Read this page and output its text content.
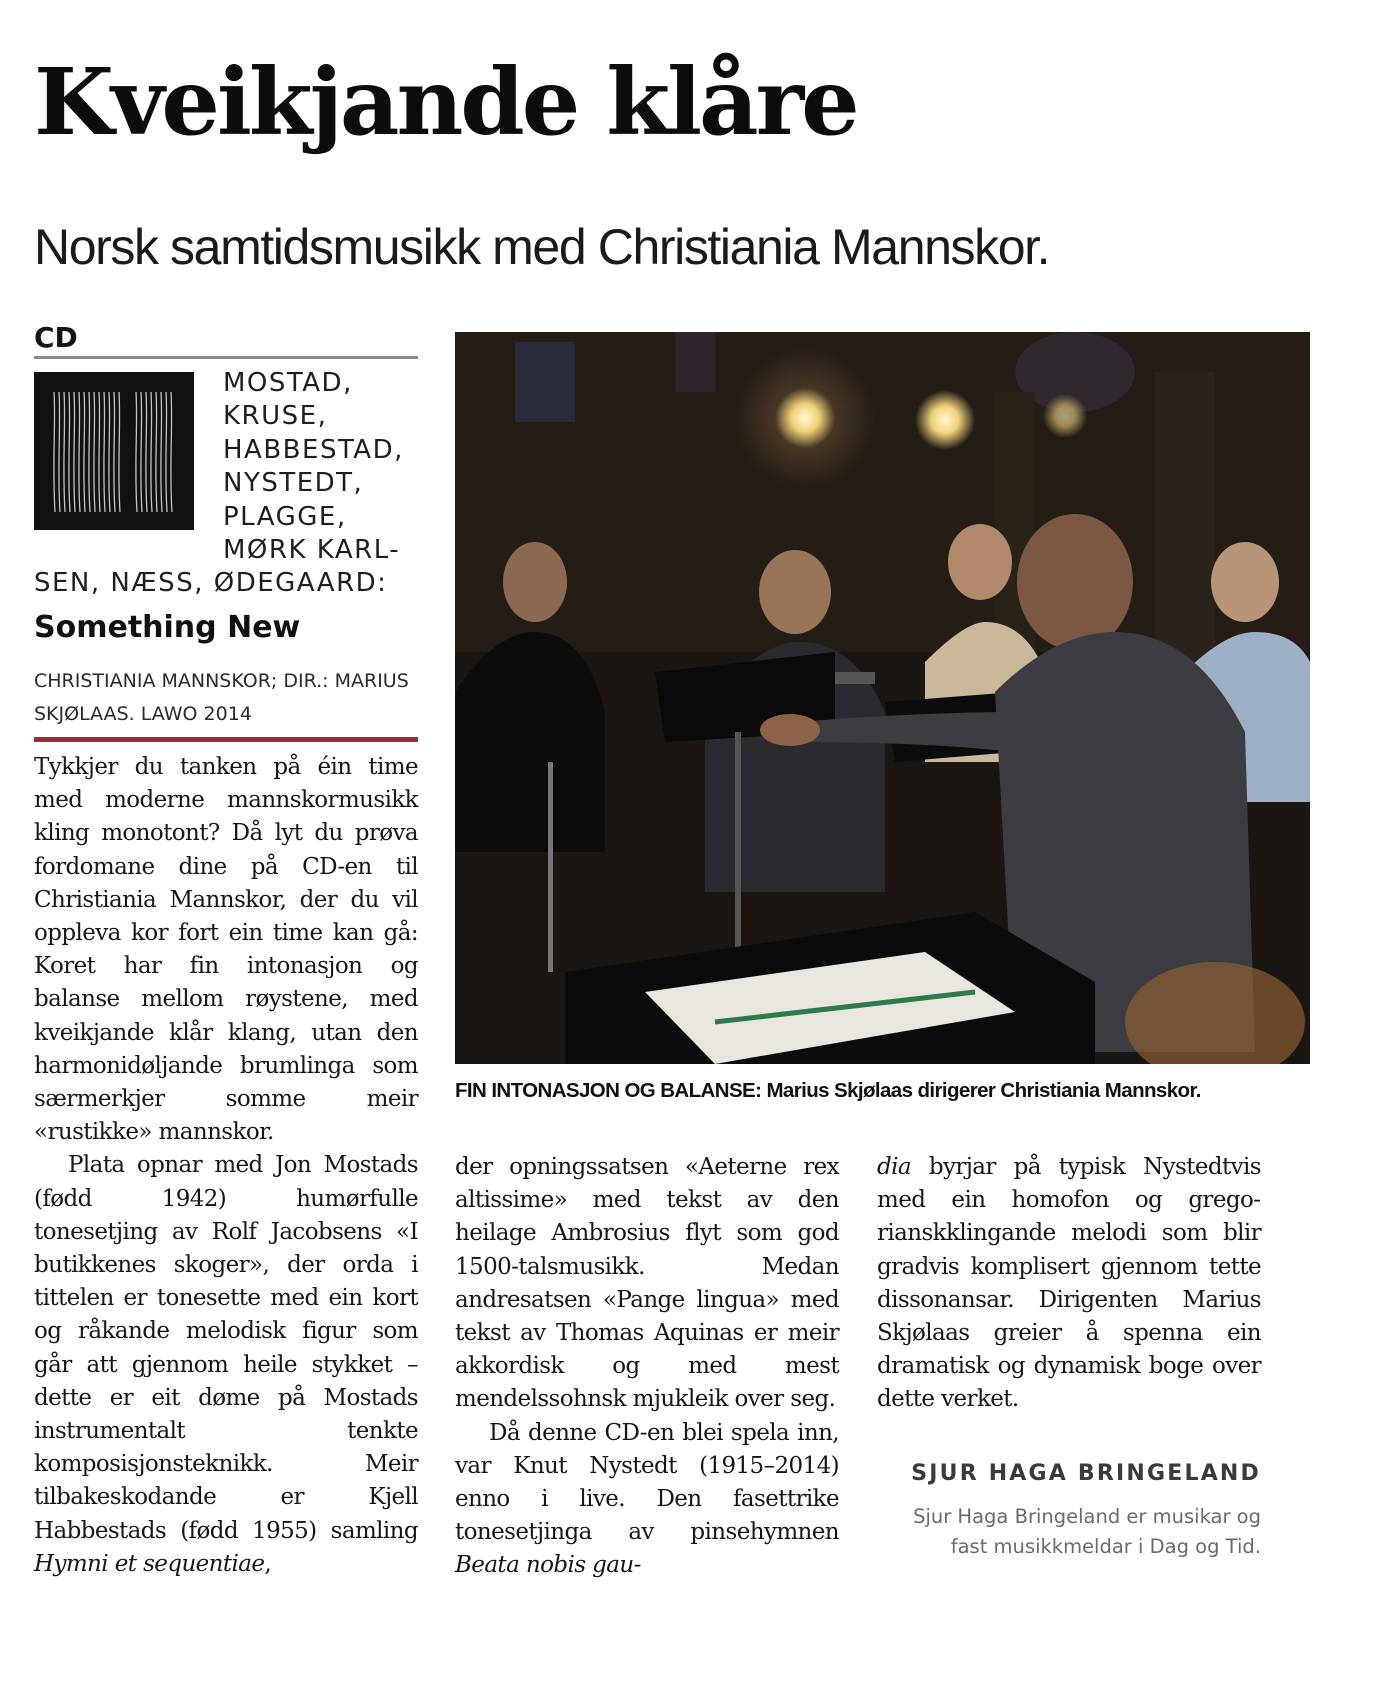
Kveikjande klåre
Norsk samtidsmusikk med Christiania Mannskor.
CD
MOSTAD, KRUSE, HABBESTAD, NYSTEDT, PLAGGE, MØRK KARL-SEN, NÆSS, ØDEGAARD:
Something New
CHRISTIANIA MANNSKOR; DIR.: MARIUS SKJØLAAS. LAWO 2014
FIN INTONASJON OG BALANSE: Marius Skjølaas dirigerer Christiania Mannskor.

Tykkjer du tanken på éin time med moderne mannskormusikk kling monotont? Då lyt du prøva fordomane dine på CD-en til Christiania Mannskor, der du vil oppleva kor fort ein time kan gå: Koret har fin intonasjon og balanse mellom røystene, med kveikjande klår klang, utan den harmonidøljande brumlinga som særmerkjer somme meir «rustikke» mannskor.

Plata opnar med Jon Mostads (fødd 1942) humørfulle tonesetjing av Rolf Jacobsens «I butikkenes skoger», der orda i tittelen er tonesette med ein kort og råkande melodisk figur som går att gjennom heile stykket – dette er eit døme på Mostads instrumentalt tenkte komposisjonsteknikk. Meir tilbakeskodande er Kjell Habbestads (fødd 1955) samling Hymni et sequentiae,

der opningssatsen «Aeterne rex altissime» med tekst av den heilage Ambrosius flyt som god 1500-talsmusikk. Medan andresatsen «Pange lingua» med tekst av Thomas Aquinas er meir akkordisk og med mest mendelssohnsk mjukleik over seg.

Då denne CD-en blei spela inn, var Knut Nystedt (1915–2014) enno i live. Den fasettrike tonesetjinga av pinsehymnen Beata nobis gau-

dia byrjar på typisk Nystedtvis med ein homofon og gregorianskklingande melodi som blir gradvis komplisert gjennom tette dissonansar. Dirigenten Marius Skjølaas greier å spenna ein dramatisk og dynamisk boge over dette verket.

SJUR HAGA BRINGELAND
Sjur Haga Bringeland er musikar og fast musikkmeldar i Dag og Tid.
